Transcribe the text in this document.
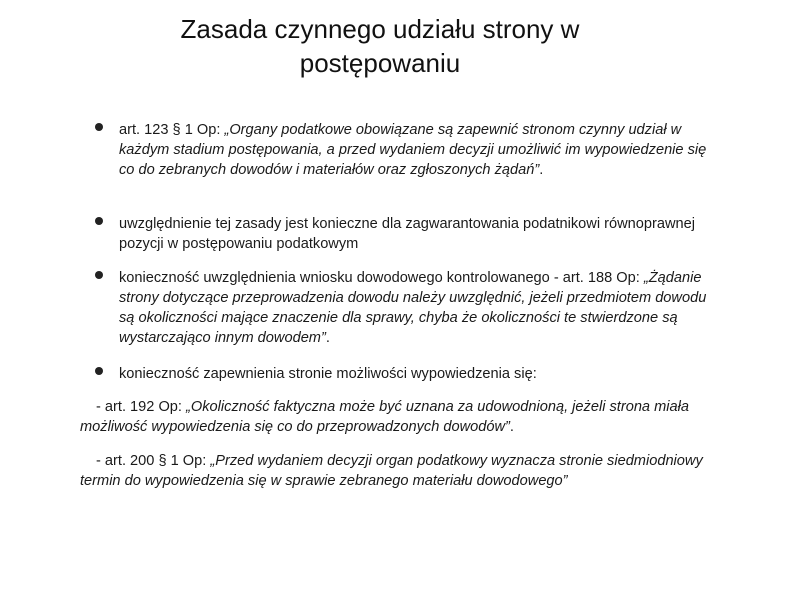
Zasada czynnego udziału strony w
postępowaniu
art. 123 § 1 Op: „Organy podatkowe obowiązane są zapewnić stronom czynny udział w każdym stadium postępowania, a przed wydaniem decyzji umożliwić im wypowiedzenie się co do zebranych dowodów i materiałów oraz zgłoszonych żądań”.
uwzględnienie tej zasady jest konieczne dla zagwarantowania podatnikowi równoprawnej pozycji w postępowaniu podatkowym
konieczność uwzględnienia wniosku dowodowego kontrolowanego - art. 188 Op: „Żądanie strony dotyczące przeprowadzenia dowodu należy uwzględnić, jeżeli przedmiotem dowodu są okoliczności mające znaczenie dla sprawy, chyba że okoliczności te stwierdzone są wystarczająco innym dowodem”.
konieczność zapewnienia stronie możliwości wypowiedzenia się:
- art. 192 Op: „Okoliczność faktyczna może być uznana za udowodnioną, jeżeli strona miała możliwość wypowiedzenia się co do przeprowadzonych dowodów”.
- art. 200 § 1 Op: „Przed wydaniem decyzji organ podatkowy wyznacza stronie siedmiodniowy termin do wypowiedzenia się w sprawie zebranego materiału dowodowego”
